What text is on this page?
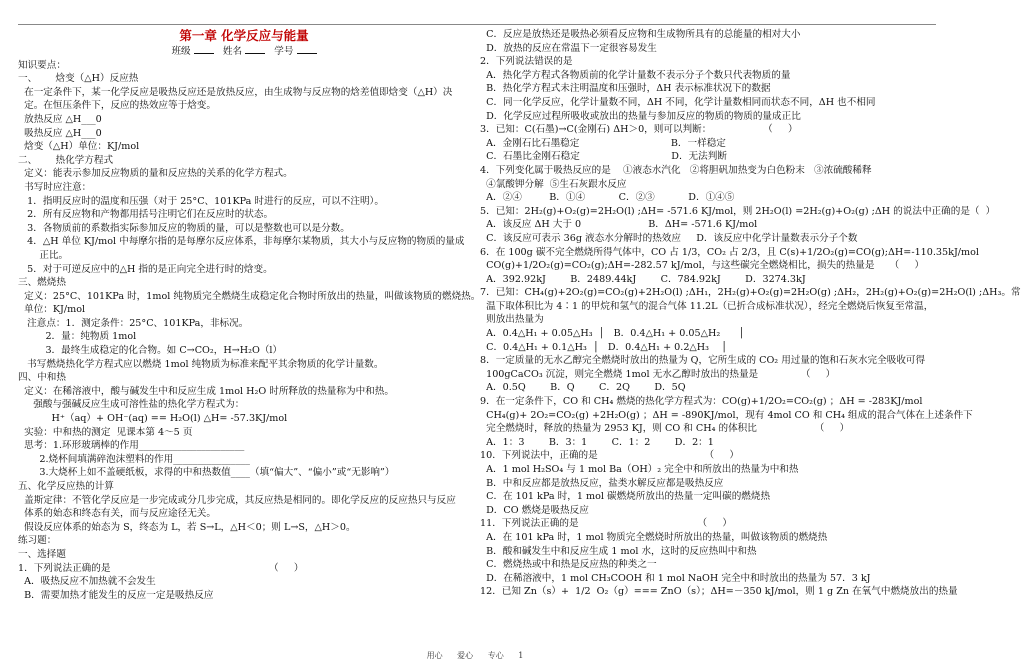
第一章 化学反应与能量
班级	姓名	学号
知识要点：
一、      焓变（△H）反应热
在一定条件下，某一化学反应是吸热反应还是放热反应，由生成物与反应物的焓差值即焓变（△H）决
定。在恒压条件下，反应的热效应等于焓变。
放热反应 △H___0
吸热反应 △H___0
焓变（△H）单位：KJ/mol
二、      热化学方程式
定义：能表示参加反应物质的量和反应热的关系的化学方程式。
书写时应注意：
1．指明反应时的温度和压强（对于 25°C、101KPa 时进行的反应，可以不注明）。
2．所有反应物和产物都用括号注明它们在反应时的状态。
3．各物质前的系数指实际参加反应的物质的量，可以是整数也可以是分数。
4．△H 单位 KJ/mol 中每摩尔指的是每摩尔反应体系，非每摩尔某物质，其大小与反应物的物质的量成
正比。
5．对于可逆反应中的△H 指的是正向完全进行时的焓变。
三、燃烧热
定义：25°C、101KPa 时，1mol 纯物质完全燃烧生成稳定化合物时所放出的热量，叫做该物质的燃烧热。
单位：KJ/mol
注意点：1．测定条件：25°C、101KPa，非标况。
2．量：纯物质 1mol
3．最终生成稳定的化合物。如 C→CO₂，H→H₂O（l）
书写燃烧热化学方程式应以燃烧 1mol 纯物质为标准来配平其余物质的化学计量数。
四、中和热
定义：在稀溶液中，酸与碱发生中和反应生成 1mol H₂O 时所释放的热量称为中和热。
强酸与强碱反应生成可溶性盐的热化学方程式为：
H⁺（aq）+ OH⁻(aq) == H₂O(l) △H= -57.3KJ/mol
实验：中和热的测定  见课本第 4～5 页
思考：1.环形玻璃棒的作用______________________
2.烧杯间填满碎泡沫塑料的作用________________
3.大烧杯上如不盖硬纸板，求得的中和热数值____（填“偏大”、“偏小”或“无影响”）
五、化学反应热的计算
盖斯定律：不管化学反应是一步完成或分几步完成，其反应热是相同的。即化学反应的反应热只与反应
体系的始态和终态有关，而与反应途径无关。
假设反应体系的始态为 S，终态为 L，若 S→L，△H＜0；则 L→S，△H＞0。
练习题：
一、选择题
1．下列说法正确的是                                                    （     ）
A．吸热反应不加热就不会发生
B．需要加热才能发生的反应一定是吸热反应
C．反应是放热还是吸热必须看反应物和生成物所具有的总能量的相对大小
D．放热的反应在常温下一定很容易发生
2．下列说法错误的是
A．热化学方程式各物质前的化学计量数不表示分子个数只代表物质的量
B．热化学方程式未注明温度和压强时，ΔH 表示标准状况下的数据
C．同一化学反应，化学计量数不同，ΔH 不同，化学计量数相同而状态不同，ΔH 也不相同
D．化学反应过程所吸收或放出的热量与参加反应的物质的物质的量成正比
3．已知：C(石墨)→C(金刚石) ΔH＞0，则可以判断：                 （     ）
A．金刚石比石墨稳定                              B．一样稳定
C．石墨比金刚石稳定                              D．无法判断
4．下列变化属于吸热反应的是    ①液态水汽化   ②将胆矾加热变为白色粉末   ③浓硫酸稀释
④氯酸钾分解  ⑤生石灰跟水反应
A．②④         B．①④           C．②③           D．①④⑤
5．已知：2H₂(g)+O₂(g)=2H₂O(l) ;ΔH= -571.6 KJ/mol，则 2H₂O(l) =2H₂(g)+O₂(g) ;ΔH 的说法中正确的是（  ）
A．该反应 ΔH 大于 0                      B．ΔH= -571.6 KJ/mol
C．该反应可表示 36g 液态水分解时的热效应     D．该反应中化学计量数表示分子个数
6．在 100g 碳不完全燃烧所得气体中，CO 占 1/3，CO₂ 占 2/3，且 C(s)+1/2O₂(g)=CO(g);ΔH=-110.35kJ/mol
CO(g)+1/2O₂(g)=CO₂(g);ΔH=-282.57 kJ/mol，与这些碳完全燃烧相比，损失的热量是     （     ）
A．392.92kJ        B．2489.44kJ        C．784.92kJ        D．3274.3kJ
7．已知：CH₄(g)+2O₂(g)=CO₂(g)+2H₂O(l) ;ΔH₁，2H₂(g)+O₂(g)=2H₂O(g) ;ΔH₂，2H₂(g)+O₂(g)=2H₂O(l) ;ΔH₃。常
温下取体积比为 4∶1 的甲烷和氢气的混合气体 11.2L（已折合成标准状况），经完全燃烧后恢复至常温，
则放出热量为
A．0.4△H₁ + 0.05△H₃  │   B．0.4△H₁ + 0.05△H₂      │
C．0.4△H₁ + 0.1△H₃  │   D．0.4△H₁ + 0.2△H₃    │
8．一定质量的无水乙醇完全燃烧时放出的热量为 Q，它所生成的 CO₂ 用过量的饱和石灰水完全吸收可得
100gCaCO₃ 沉淀，则完全燃烧 1mol 无水乙醇时放出的热量是              （     ）
A．0.5Q        B．Q        C．2Q        D．5Q
9．在一定条件下，CO 和 CH₄ 燃烧的热化学方程式为：CO(g)+1/2O₂=CO₂(g) ；ΔH = -283KJ/mol
CH₄(g)+ 2O₂=CO₂(g) +2H₂O(g) ；ΔH = -890KJ/mol，现有 4mol CO 和 CH₄ 组成的混合气体在上述条件下
完全燃烧时，释放的热量为 2953 KJ，则 CO 和 CH₄ 的体积比                   （     ）
A．1：3        B．3：1        C．1：2        D．2：1
10．下列说法中，正确的是                                   （     ）
A．1 mol H₂SO₄ 与 1 mol Ba（OH）₂ 完全中和所放出的热量为中和热
B．中和反应都是放热反应，盐类水解反应都是吸热反应
C．在 101 kPa 时，1 mol 碳燃烧所放出的热量一定叫碳的燃烧热
D．CO 燃烧是吸热反应
11．下列说法正确的是                                       （     ）
A．在 101 kPa 时，1 mol 物质完全燃烧时所放出的热量，叫做该物质的燃烧热
B．酸和碱发生中和反应生成 1 mol 水，这时的反应热叫中和热
C．燃烧热或中和热是反应热的种类之一
D．在稀溶液中，1 mol CH₃COOH 和 1 mol NaOH 完全中和时放出的热量为 57．3 kJ
12．已知 Zn（s）+  1/2  O₂（g）=== ZnO（s）；ΔH=－350 kJ/mol，则 1 g Zn 在氧气中燃烧放出的热量
用心 爱心 专心 1
